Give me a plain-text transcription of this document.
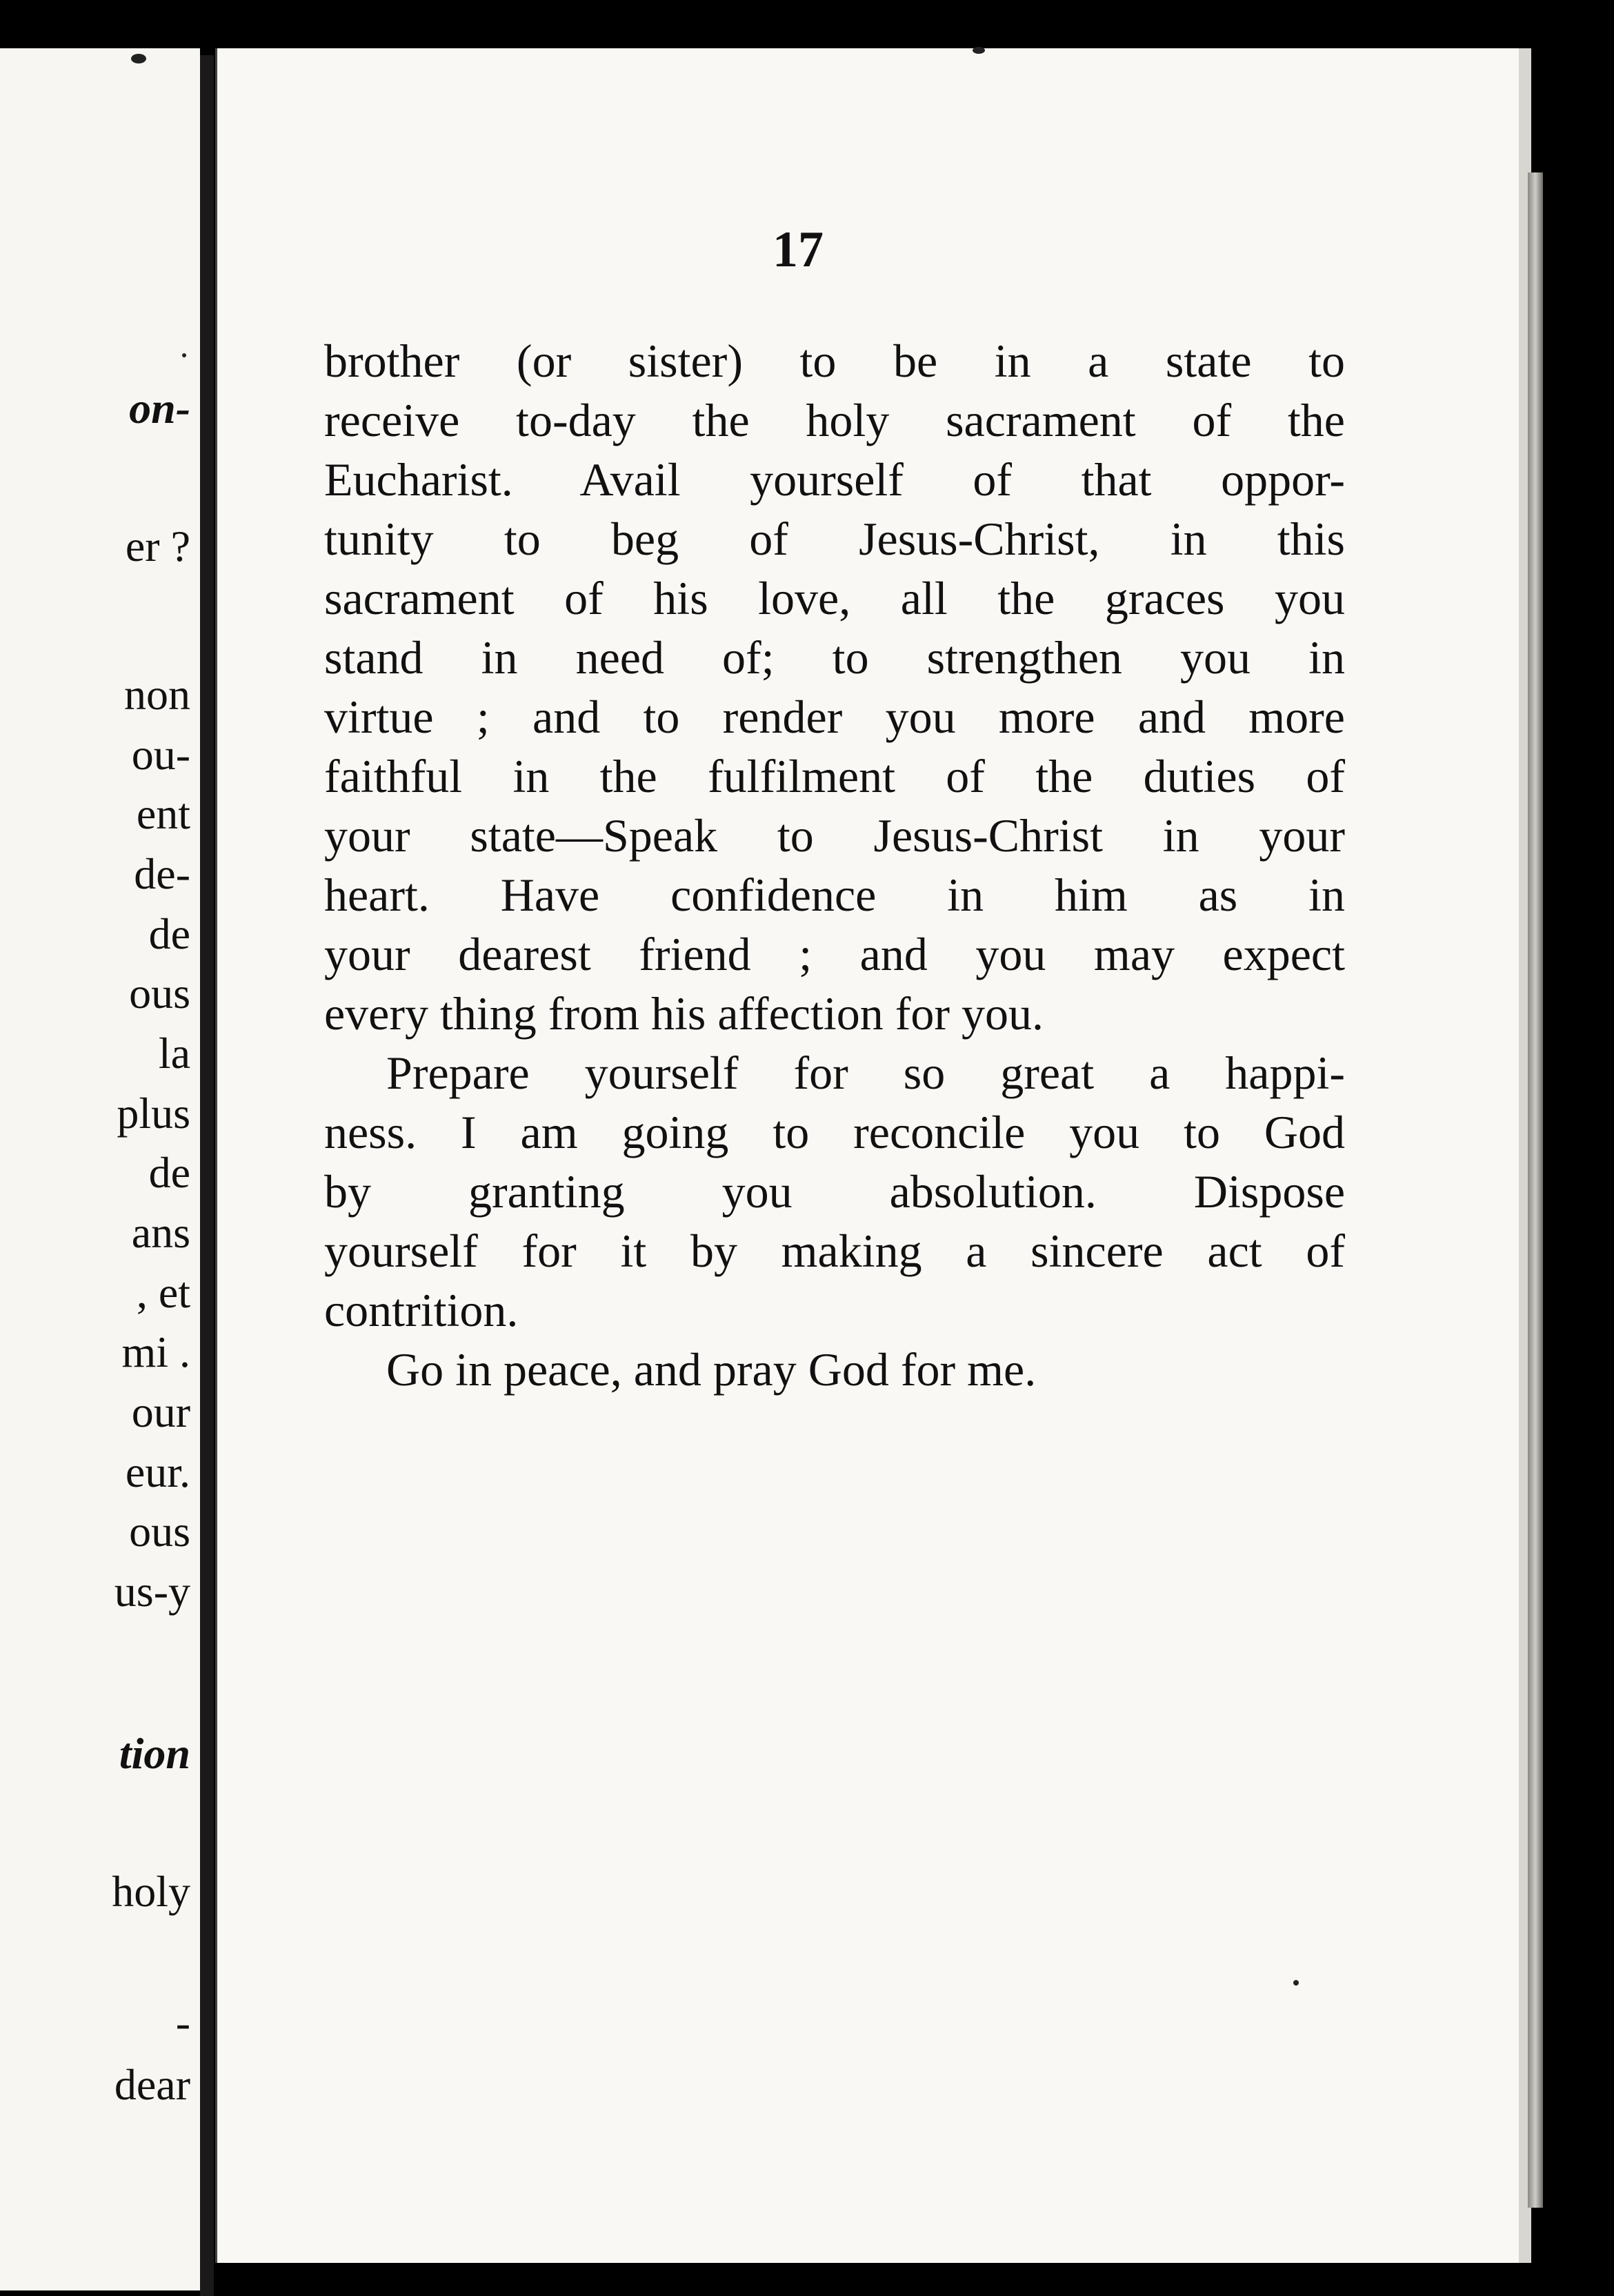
on-

er ?

non

ou-

ent

de-

de

ous

la

plus

de

ans

, et

mi .

our

eur.

ous

us-y

tion

holy

-

dear

17

brother (or sister) to be in a state to
receive to-day the holy sacrament of the
Eucharist. Avail yourself of that oppor-
tunity to beg of Jesus-Christ, in this
sacrament of his love, all the graces you
stand in need of; to strengthen you in
virtue ; and to render you more and more
faithful in the fulfilment of the duties of
your state—Speak to Jesus-Christ in your
heart. Have confidence in him as in
your dearest friend ; and you may expect
every thing from his affection for you.
Prepare yourself for so great a happi-
ness. I am going to reconcile you to God
by granting you absolution. Dispose
yourself for it by making a sincere act of
contrition.
Go in peace, and pray God for me.
